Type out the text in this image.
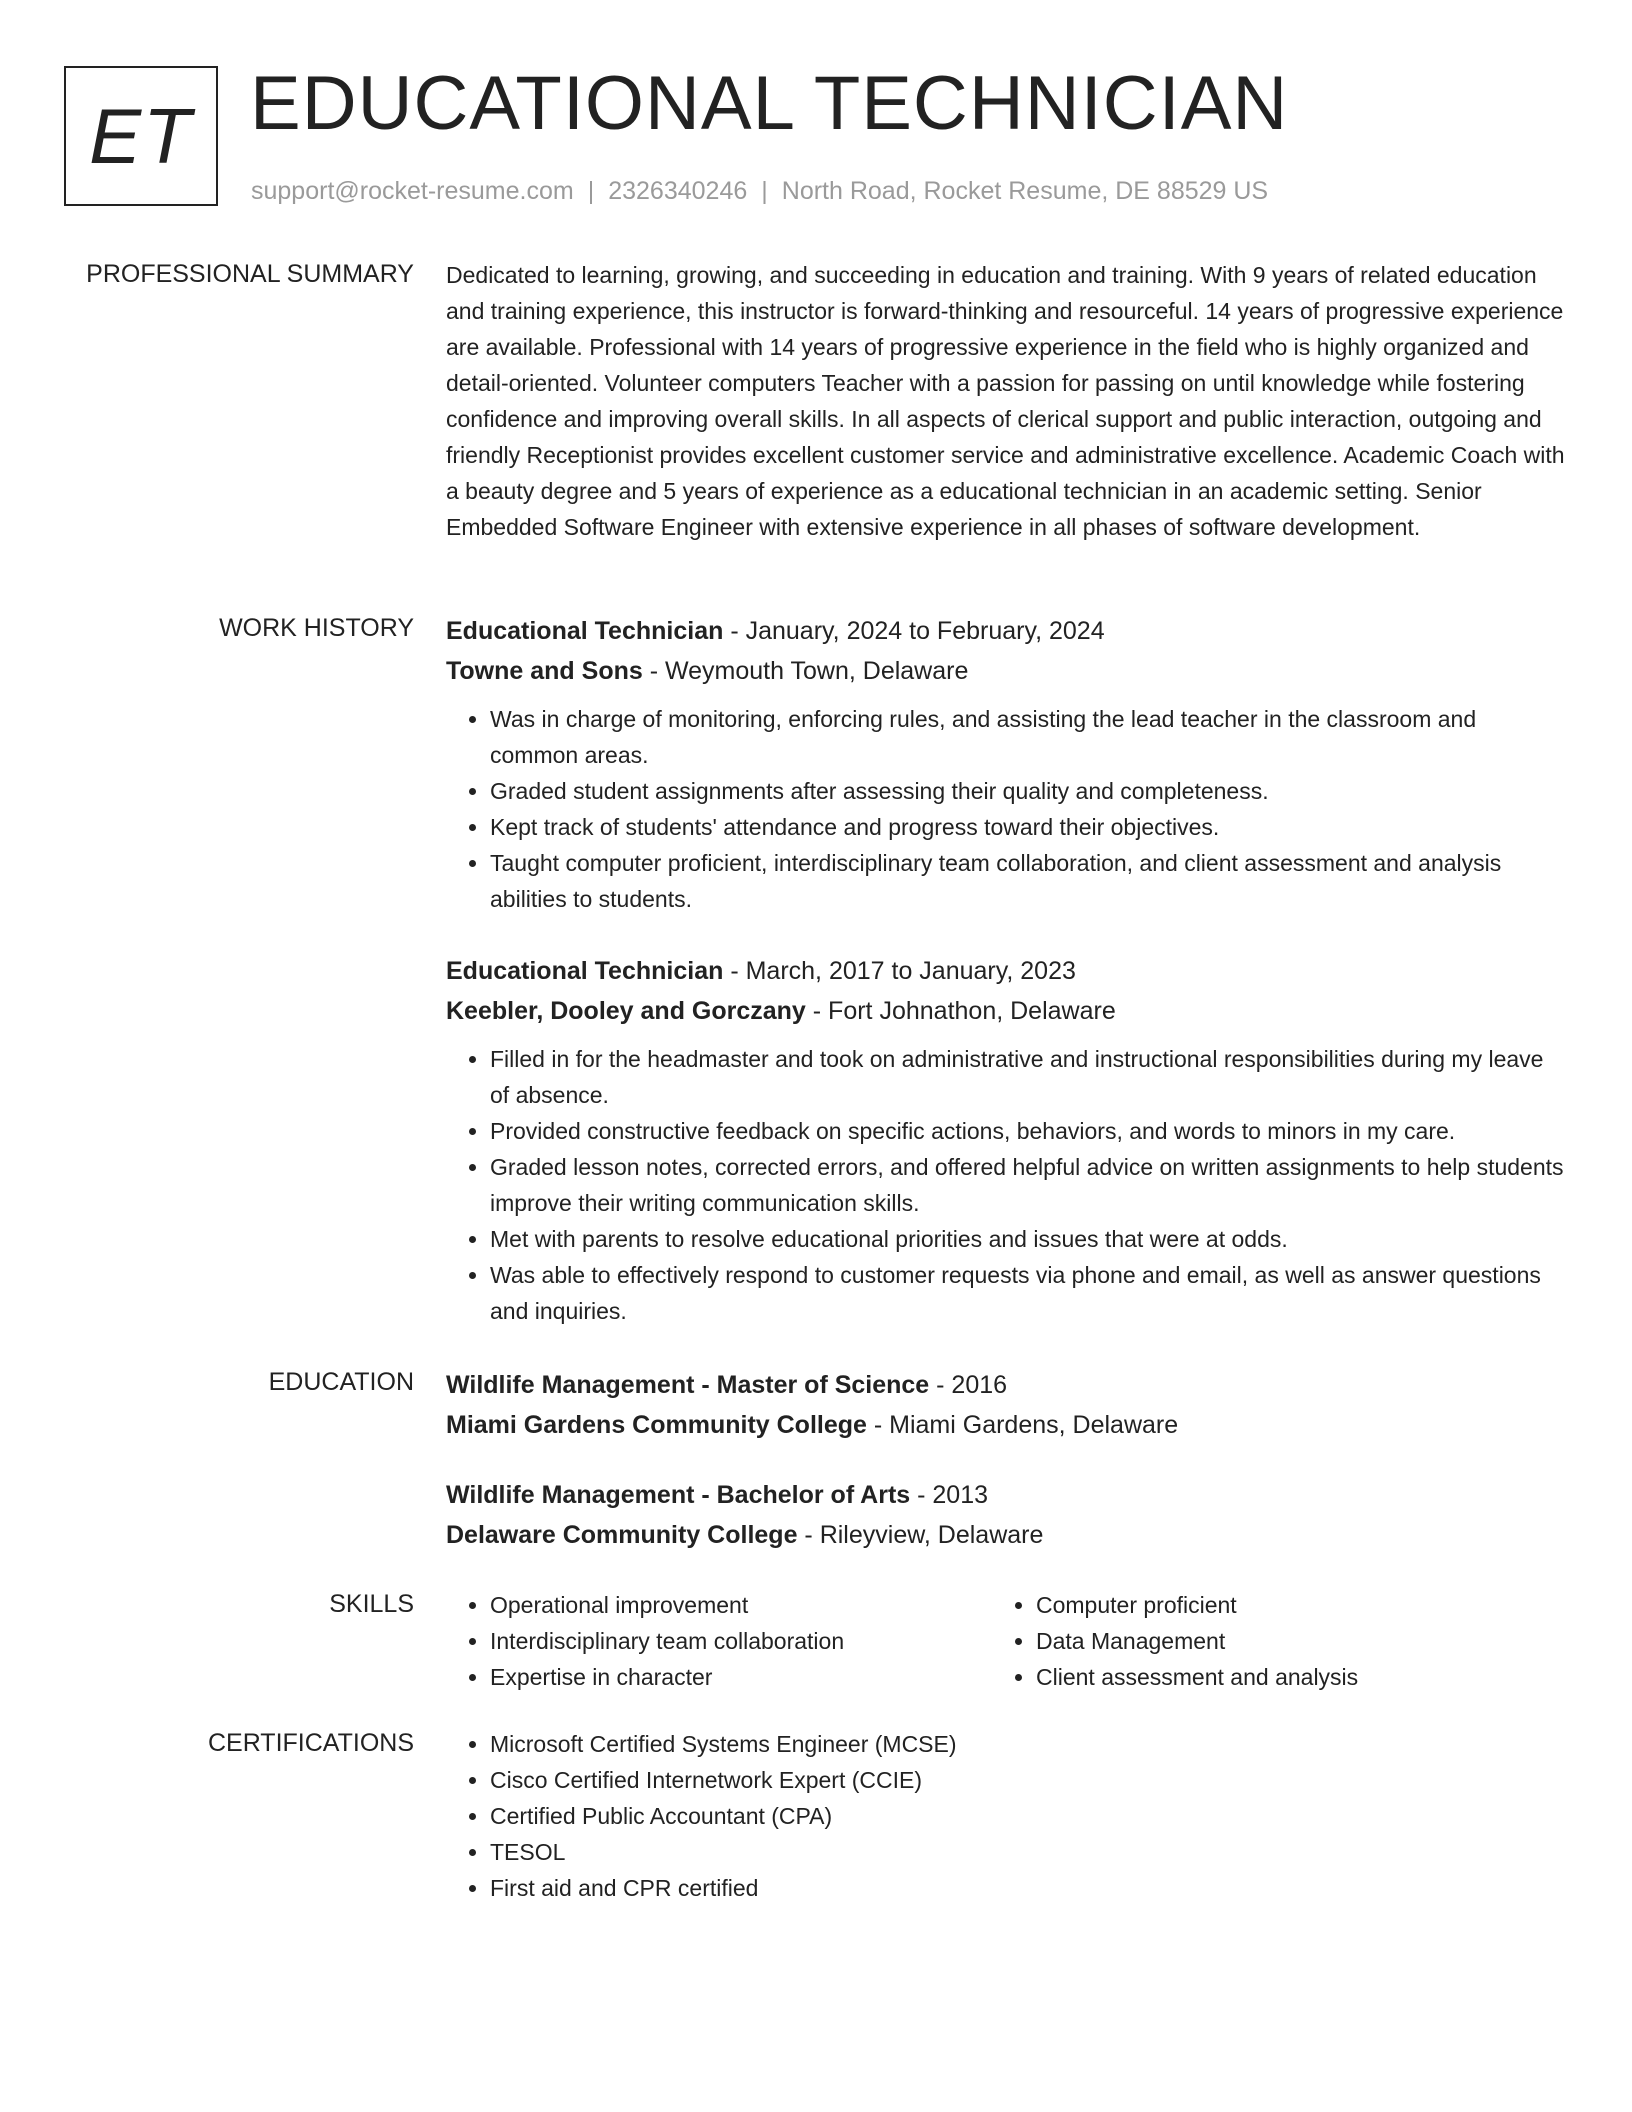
ET EDUCATIONAL TECHNICIAN
support@rocket-resume.com | 2326340246 | North Road, Rocket Resume, DE 88529 US
PROFESSIONAL SUMMARY Dedicated to learning, growing, and succeeding in education and training. With 9 years of related education and training experience, this instructor is forward-thinking and resourceful. 14 years of progressive experience are available. Professional with 14 years of progressive experience in the field who is highly organized and detail-oriented. Volunteer computers Teacher with a passion for passing on until knowledge while fostering confidence and improving overall skills. In all aspects of clerical support and public interaction, outgoing and friendly Receptionist provides excellent customer service and administrative excellence. Academic Coach with a beauty degree and 5 years of experience as a educational technician in an academic setting. Senior Embedded Software Engineer with extensive experience in all phases of software development.

WORK HISTORY Educational Technician - January, 2024 to February, 2024

Towne and Sons - Weymouth Town, Delaware

• Was in charge of monitoring, enforcing rules, and assisting the lead teacher in the classroom and common areas.
• Graded student assignments after assessing their quality and completeness.
• Kept track of students' attendance and progress toward their objectives.
• Taught computer proficient, interdisciplinary team collaboration, and client assessment and analysis abilities to students.

Educational Technician - March, 2017 to January, 2023

Keebler, Dooley and Gorczany - Fort Johnathon, Delaware

• Filled in for the headmaster and took on administrative and instructional responsibilities during my leave of absence.
• Provided constructive feedback on specific actions, behaviors, and words to minors in my care.
• Graded lesson notes, corrected errors, and offered helpful advice on written assignments to help students improve their writing communication skills.
• Met with parents to resolve educational priorities and issues that were at odds.
• Was able to effectively respond to customer requests via phone and email, as well as answer questions and inquiries.
EDUCATION Wildlife Management - Master of Science - 2016

Miami Gardens Community College - Miami Gardens, Delaware

Wildlife Management - Bachelor of Arts - 2013

Delaware Community College - Rileyview, Delaware

SKILLS	• Operational improvement
• Interdisciplinary team collaboration
• Expertise in character
• Computer proficient
• Data Management
• Client assessment and analysis
CERTIFICATIONS	• Microsoft Certified Systems Engineer (MCSE)
• Cisco Certified Internetwork Expert (CCIE)
• Certified Public Accountant (CPA)
• TESOL
• First aid and CPR certified
